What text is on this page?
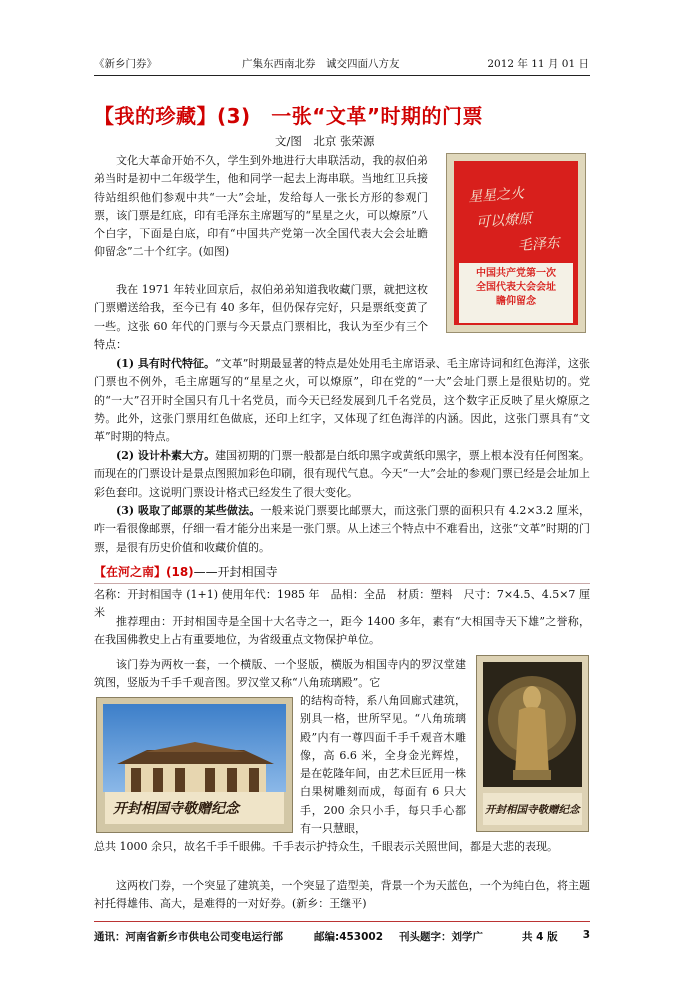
《新乡门券》	广集东西南北券　诚交四面八方友	2012 年 11 月 01 日
【我的珍藏】(3)　一张“文革”时期的门票
文/图　北京 张荣源

文化大革命开始不久，学生到外地进行大串联活动，我的叔伯弟弟当时是初中二年级学生，他和同学一起去上海串联。当地红卫兵接待站组织他们参观中共“一大”会址，发给每人一张长方形的参观门票，该门票是红底，印有毛泽东主席题写的“星星之火，可以燎原”八个白字，下面是白底，印有“中国共产党第一次全国代表大会会址瞻仰留念”二十个红字。(如图)

我在 1971 年转业回京后，叔伯弟弟知道我收藏门票，就把这枚门票赠送给我，至今已有 40 多年，但仍保存完好，只是票纸变黄了一些。这张 60 年代的门票与今天景点门票相比，我认为至少有三个特点：

星星之火
可以燎原
毛泽东
中国共产党第一次
全国代表大会会址
瞻仰留念

(1) 具有时代特征。“文革”时期最显著的特点是处处用毛主席语录、毛主席诗词和红色海洋，这张门票也不例外，毛主席题写的“星星之火，可以燎原”，印在党的“一大”会址门票上是很贴切的。党的“一大”召开时全国只有几十名党员，而今天已经发展到几千名党员，这个数字正反映了星火燎原之势。此外，这张门票用红色做底，还印上红字，又体现了红色海洋的内涵。因此，这张门票具有“文革”时期的特点。

(2) 设计朴素大方。建国初期的门票一般都是白纸印黑字或黄纸印黑字，票上根本没有任何图案。而现在的门票设计是景点图照加彩色印刷，很有现代气息。今天“一大”会址的参观门票已经是会址加上彩色套印。这说明门票设计格式已经发生了很大变化。

(3) 吸取了邮票的某些做法。一般来说门票要比邮票大，而这张门票的面积只有 4.2×3.2 厘米，咋一看很像邮票，仔细一看才能分出来是一张门票。从上述三个特点中不难看出，这张“文革”时期的门票，是很有历史价值和收藏价值的。

【在河之南】(18)——开封相国寺

名称：开封相国寺 (1+1) 使用年代：1985 年　品相：全品　材质：塑料　尺寸：7×4.5、4.5×7 厘米

推荐理由：开封相国寺是全国十大名寺之一，距今 1400 多年，素有“大相国寺天下雄”之誉称，在我国佛教史上占有重要地位，为省级重点文物保护单位。

该门券为两枚一套，一个横版、一个竖版，横版为相国寺内的罗汉堂建筑图，竖版为千手千观音图。罗汉堂又称“八角琉璃殿”。它

的结构奇特，系八角回廊式建筑，别具一格，世所罕见。“八角琉璃殿”内有一尊四面千手千观音木雕像，高 6.6 米，全身金光辉煌，是在乾隆年间，由艺术巨匠用一株白果树雕刻而成，每面有 6 只大手，200 余只小手，每只手心都有一只慧眼，

总共 1000 余只，故名千手千眼佛。千手表示护持众生，千眼表示关照世间，都是大悲的表现。

这两枚门券，一个突显了建筑美，一个突显了造型美，背景一个为天蓝色，一个为纯白色，将主题衬托得雄伟、高大，是难得的一对好券。(新乡：王继平)

开封相国寺敬赠纪念	开封相国寺敬赠纪念
通讯：河南省新乡市供电公司变电运行部	邮编:453002 刊头题字：刘学广	共 4 版 3
